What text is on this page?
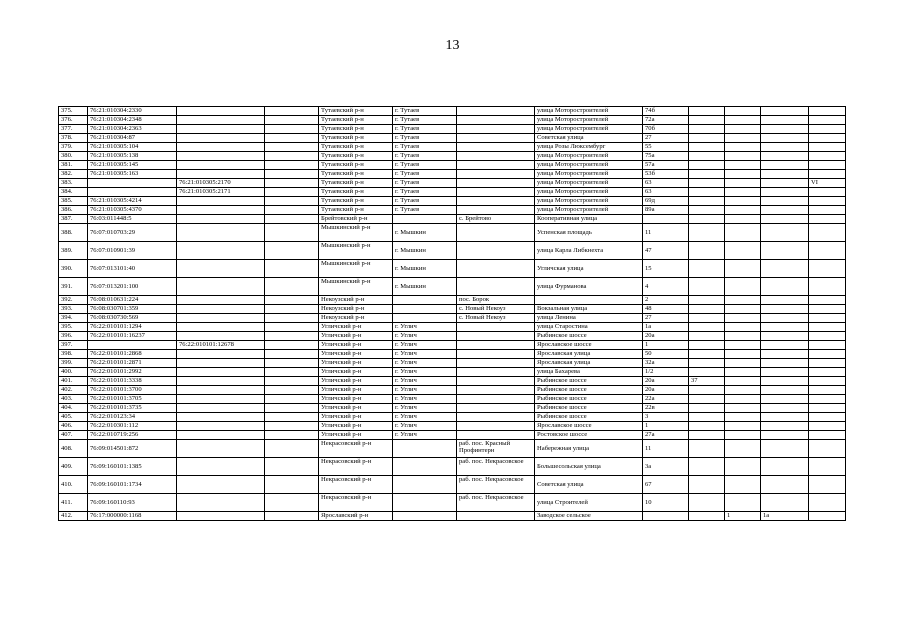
13
375.	76:21:010304:2330			Тутаевский р-н	г. Тутаев		улица Моторостроителей	74б				
376.	76:21:010304:2348			Тутаевский р-н	г. Тутаев		улица Моторостроителей	72а				
377.	76:21:010304:2363			Тутаевский р-н	г. Тутаев		улица Моторостроителей	70б				
378.	76:21:010304:87			Тутаевский р-н	г. Тутаев		Советская улица	27				
379.	76:21:010305:104			Тутаевский р-н	г. Тутаев		улица Розы Люксембург	55				
380.	76:21:010305:138			Тутаевский р-н	г. Тутаев		улица Моторостроителей	75а				
381.	76:21:010305:145			Тутаевский р-н	г. Тутаев		улица Моторостроителей	57а				
382.	76:21:010305:163			Тутаевский р-н	г. Тутаев		улица Моторостроителей	53б				
383.		76:21:010305:2170		Тутаевский р-н	г. Тутаев		улица Моторостроителей	63				VI
384.		76:21:010305:2171		Тутаевский р-н	г. Тутаев		улица Моторостроителей	63				
385.	76:21:010305:4214			Тутаевский р-н	г. Тутаев		улица Моторостроителей	69д				
386.	76:21:010305:4370			Тутаевский р-н	г. Тутаев		улица Моторостроителей	89а				
387.	76:03:011448:5			Брейтовский р-н		с. Брейтово	Кооперативная улица					
388.	76:07:010703:29			Мышкинский р-н	г. Мышкин		Успенская площадь	11				
389.	76:07:010901:39			Мышкинский р-н	г. Мышкин		улица Карла Либкнехта	47				
390.	76:07:013101:40			Мышкинский р-н	г. Мышкин		Угличская улица	15				
391.	76:07:013201:100			Мышкинский р-н	г. Мышкин		улица Фурманова	4				
392.	76:08:010631:224			Некоузский р-н		пос. Борок		2				
393.	76:08:030701:359			Некоузский р-н		с. Новый Некоуз	Вокзальная улица	48				
394.	76:08:030730:569			Некоузский р-н		с. Новый Некоуз	улица Ленина	27				
395.	76:22:010101:1294			Угличский р-н	г. Углич		улица Старостина	1а				
396.	76:22:010101:16237			Угличский р-н	г. Углич		Рыбинское шоссе	20а				
397.		76:22:010101:12678		Угличский р-н	г. Углич		Ярославское шоссе	1				
398.	76:22:010101:2868			Угличский р-н	г. Углич		Ярославская улица	50				
399.	76:22:010101:2871			Угличский р-н	г. Углич		Ярославская улица	32а				
400.	76:22:010101:2992			Угличский р-н	г. Углич		улица Бахарева	1/2				
401.	76:22:010101:3338			Угличский р-н	г. Углич		Рыбинское шоссе	20а	37			
402.	76:22:010101:3700			Угличский р-н	г. Углич		Рыбинское шоссе	20а				
403.	76:22:010101:3705			Угличский р-н	г. Углич		Рыбинское шоссе	22а				
404.	76:22:010101:3735			Угличский р-н	г. Углич		Рыбинское шоссе	22в				
405.	76:22:010123:34			Угличский р-н	г. Углич		Рыбинское шоссе	3				
406.	76:22:010301:112			Угличский р-н	г. Углич		Ярославское шоссе	1				
407.	76:22:010719:256			Угличский р-н	г. Углич		Ростовское шоссе	27а				
408.	76:09:014501:872			Некрасовский р-н		раб. пос. Красный Профинтерн	Набережная улица	11				
409.	76:09:160101:1385			Некрасовский р-н		раб. пос. Некрасовское	Большесольская улица	3а				
410.	76:09:160101:1734			Некрасовский р-н		раб. пос. Некрасовское	Советская улица	67				
411.	76:09:160110:93			Некрасовский р-н		раб. пос. Некрасовское	улица Строителей	10				
412.	76:17:000000:1168			Ярославский р-н			Заводское сельское			1	1а	
